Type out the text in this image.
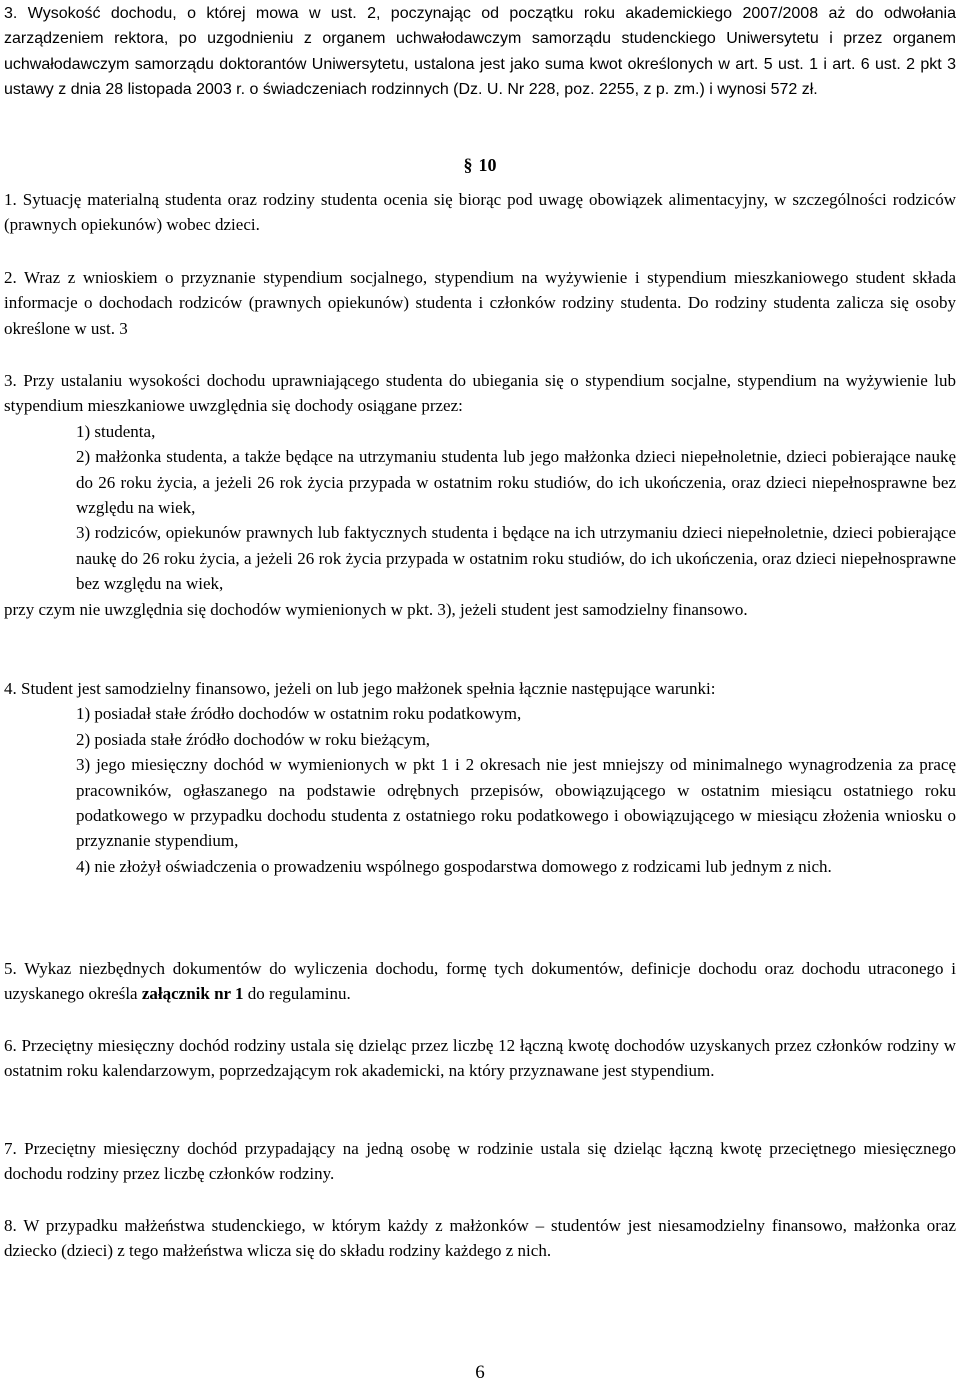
3. Wysokość dochodu, o której mowa w ust. 2, poczynając od początku roku akademickiego 2007/2008 aż do odwołania zarządzeniem rektora, po uzgodnieniu z organem uchwałodawczym samorządu studenckiego Uniwersytetu i przez organem uchwałodawczym samorządu doktorantów Uniwersytetu, ustalona jest jako suma kwot określonych w art. 5 ust. 1 i art. 6 ust. 2 pkt 3 ustawy z dnia 28 listopada 2003 r. o świadczeniach rodzinnych (Dz. U. Nr 228, poz. 2255, z p. zm.) i wynosi 572 zł.

§ 10

1. Sytuację materialną studenta oraz rodziny studenta ocenia się biorąc pod uwagę obowiązek alimentacyjny, w szczególności rodziców (prawnych opiekunów) wobec dzieci.

2. Wraz z wnioskiem o przyznanie stypendium socjalnego, stypendium na wyżywienie i stypendium mieszkaniowego student składa informacje o dochodach rodziców (prawnych opiekunów) studenta i członków rodziny studenta. Do rodziny studenta zalicza się osoby określone w ust. 3

3. Przy ustalaniu wysokości dochodu uprawniającego studenta do ubiegania się o stypendium socjalne, stypendium na wyżywienie lub stypendium mieszkaniowe uwzględnia się dochody osiągane przez:

1) studenta,

2) małżonka studenta, a także będące na utrzymaniu studenta lub jego małżonka dzieci niepełnoletnie, dzieci pobierające naukę do 26 roku życia, a jeżeli 26 rok życia przypada w ostatnim roku studiów, do ich ukończenia, oraz dzieci niepełnosprawne bez względu na wiek,

3) rodziców, opiekunów prawnych lub faktycznych studenta i będące na ich utrzymaniu dzieci niepełnoletnie, dzieci pobierające naukę do 26 roku życia, a jeżeli 26 rok życia przypada w ostatnim roku studiów, do ich ukończenia, oraz dzieci niepełnosprawne bez względu na wiek,

przy czym nie uwzględnia się dochodów wymienionych w pkt. 3), jeżeli student jest samodzielny finansowo.

4. Student jest samodzielny finansowo, jeżeli on lub jego małżonek spełnia łącznie następujące warunki:

1) posiadał stałe źródło dochodów w ostatnim roku podatkowym,

2) posiada stałe źródło dochodów w roku bieżącym,

3) jego miesięczny dochód w wymienionych w pkt 1 i 2 okresach nie jest mniejszy od minimalnego wynagrodzenia za pracę pracowników, ogłaszanego na podstawie odrębnych przepisów, obowiązującego w ostatnim miesiącu ostatniego roku podatkowego w przypadku dochodu studenta z ostatniego roku podatkowego i obowiązującego w miesiącu złożenia wniosku o przyznanie stypendium,

4) nie złożył oświadczenia o prowadzeniu wspólnego gospodarstwa domowego z rodzicami lub jednym z nich.

5. Wykaz niezbędnych dokumentów do wyliczenia dochodu, formę tych dokumentów, definicje dochodu oraz dochodu utraconego i uzyskanego określa załącznik nr 1 do regulaminu.

6. Przeciętny miesięczny dochód rodziny ustala się dzieląc przez liczbę 12 łączną kwotę dochodów uzyskanych przez członków rodziny w ostatnim roku kalendarzowym, poprzedzającym rok akademicki, na który przyznawane jest stypendium.

7. Przeciętny miesięczny dochód przypadający na jedną osobę w rodzinie ustala się dzieląc łączną kwotę przeciętnego miesięcznego dochodu rodziny przez liczbę członków rodziny.

8. W przypadku małżeństwa studenckiego, w którym każdy z małżonków – studentów jest niesamodzielny finansowo, małżonka oraz dziecko (dzieci) z tego małżeństwa wlicza się do składu rodziny każdego z nich.

6
